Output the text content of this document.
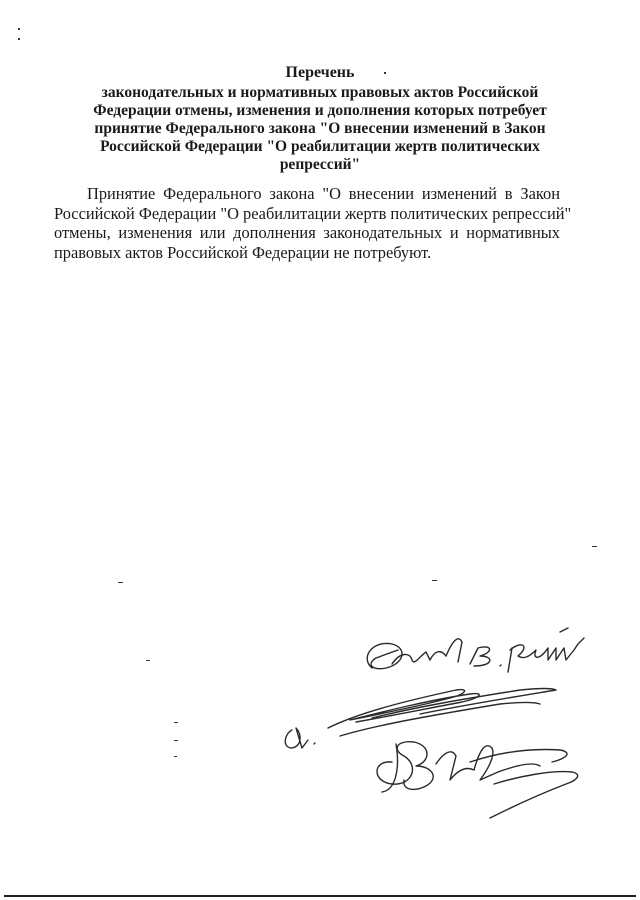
Перечень
законодательных и нормативных правовых актов Российской
Федерации отмены, изменения и дополнения которых потребует
принятие Федерального закона "О внесении изменений в Закон
Российской Федерации "О реабилитации жертв политических
репрессий"
Принятие Федерального закона "О внесении изменений в Закон
Российской Федерации "О реабилитации жертв политических репрессий"
отмены, изменения или дополнения законодательных и нормативных
правовых актов Российской Федерации не потребуют.
